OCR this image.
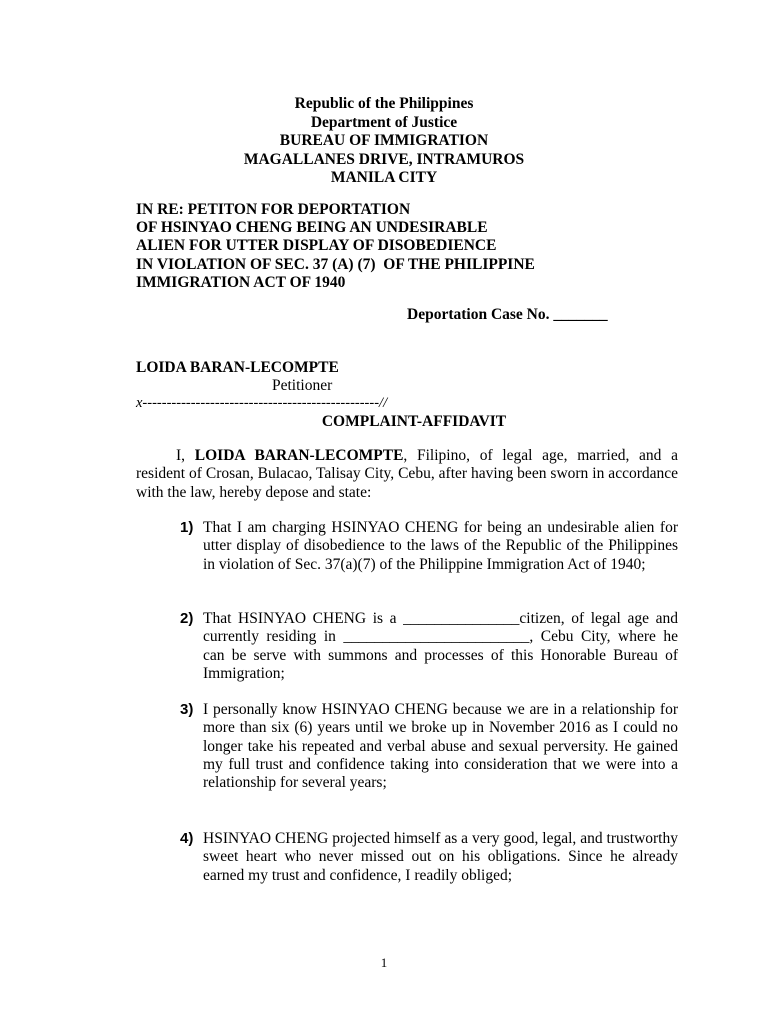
Republic of the Philippines
Department of Justice
BUREAU OF IMMIGRATION
MAGALLANES DRIVE, INTRAMUROS
MANILA CITY
IN RE: PETITON FOR DEPORTATION
OF HSINYAO CHENG BEING AN UNDESIRABLE
ALIEN FOR UTTER DISPLAY OF DISOBEDIENCE
IN VIOLATION OF SEC. 37 (A) (7)  OF THE PHILIPPINE
IMMIGRATION ACT OF 1940
Deportation Case No. _______
LOIDA BARAN-LECOMPTE
Petitioner
x-------------------------------------------------//
COMPLAINT-AFFIDAVIT
I, LOIDA BARAN-LECOMPTE, Filipino, of legal age, married, and a resident of Crosan, Bulacao, Talisay City, Cebu, after having been sworn in accordance with the law, hereby depose and state:
1) That I am charging HSINYAO CHENG for being an undesirable alien for utter display of disobedience to the laws of the Republic of the Philippines in violation of Sec. 37(a)(7) of the Philippine Immigration Act of 1940;
2) That HSINYAO CHENG is a _______________citizen, of legal age and currently residing in ________________________, Cebu City, where he can be serve with summons and processes of this Honorable Bureau of Immigration;
3) I personally know HSINYAO CHENG because we are in a relationship for more than six (6) years until we broke up in November 2016 as I could no longer take his repeated and verbal abuse and sexual perversity. He gained my full trust and confidence taking into consideration that we were into a relationship for several years;
4) HSINYAO CHENG projected himself as a very good, legal, and trustworthy sweet heart who never missed out on his obligations. Since he already earned my trust and confidence, I readily obliged;
1
